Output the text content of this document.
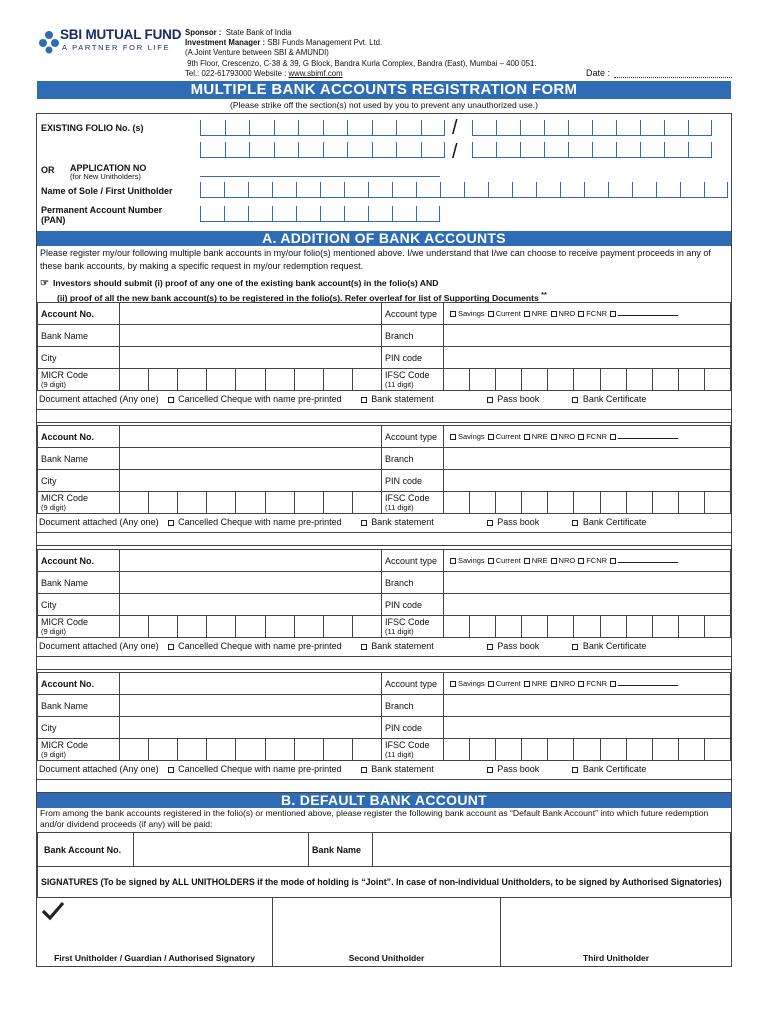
SBI MUTUAL FUND
A PARTNER FOR LIFE
Sponsor : State Bank of India
Investment Manager : SBI Funds Management Pvt. Ltd.
(A Joint Venture between SBI & AMUNDI)
9th Floor, Crescenzo, C-38 & 39, G Block, Bandra Kurla Complex, Bandra (East), Mumbai – 400 051.
Tel.: 022-61793000 Website : www.sbimf.com	Date :
MULTIPLE BANK ACCOUNTS REGISTRATION FORM
(Please strike off the section(s) not used by you to prevent any unauthorized use.)
EXISTING FOLIO No. (s)	/
/
OR APPLICATION NO
(for New Unitholders)
Name of Sole / First Unitholder
Permanent Account Number
(PAN)
A. ADDITION OF BANK ACCOUNTS
Please register my/our following multiple bank accounts in my/our folio(s) mentioned above. I/we understand that I/we can choose to receive payment proceeds in any of these bank accounts, by making a specific request in my/our redemption request.
☞ Investors should submit (i) proof of any one of the existing bank account(s) in the folio(s) AND
(ii) proof of all the new bank account(s) to be registered in the folio(s). Refer overleaf for list of Supporting Documents **
Account No.		Account type	Savings Current NRE NRO FCNR
Bank Name		Branch	
City		PIN code	
MICR Code
(9 digit)		IFSC Code
(11 digit)	
Document attached (Any one) Cancelled Cheque with name pre-printed	Bank statement	Pass book	Bank Certificate
Account No.		Account type	Savings Current NRE NRO FCNR
Bank Name		Branch	
City		PIN code	
MICR Code
(9 digit)		IFSC Code
(11 digit)	
Document attached (Any one) Cancelled Cheque with name pre-printed	Bank statement	Pass book	Bank Certificate
Account No.		Account type	Savings Current NRE NRO FCNR
Bank Name		Branch	
City		PIN code	
MICR Code
(9 digit)		IFSC Code
(11 digit)	
Document attached (Any one) Cancelled Cheque with name pre-printed	Bank statement	Pass book	Bank Certificate
Account No.		Account type	Savings Current NRE NRO FCNR
Bank Name		Branch	
City		PIN code	
MICR Code
(9 digit)		IFSC Code
(11 digit)	
Document attached (Any one) Cancelled Cheque with name pre-printed	Bank statement	Pass book	Bank Certificate
B. DEFAULT BANK ACCOUNT
From among the bank accounts registered in the folio(s) or mentioned above, please register the following bank account as “Default Bank Account” into which future redemption and/or dividend proceeds (if any) will be paid:
Bank Account No.		Bank Name	
SIGNATURES (To be signed by ALL UNITHOLDERS if the mode of holding is “Joint”. In case of non-individual Unitholders, to be signed by Authorised Signatories)
First Unitholder / Guardian / Authorised Signatory	Second Unitholder	Third Unitholder
